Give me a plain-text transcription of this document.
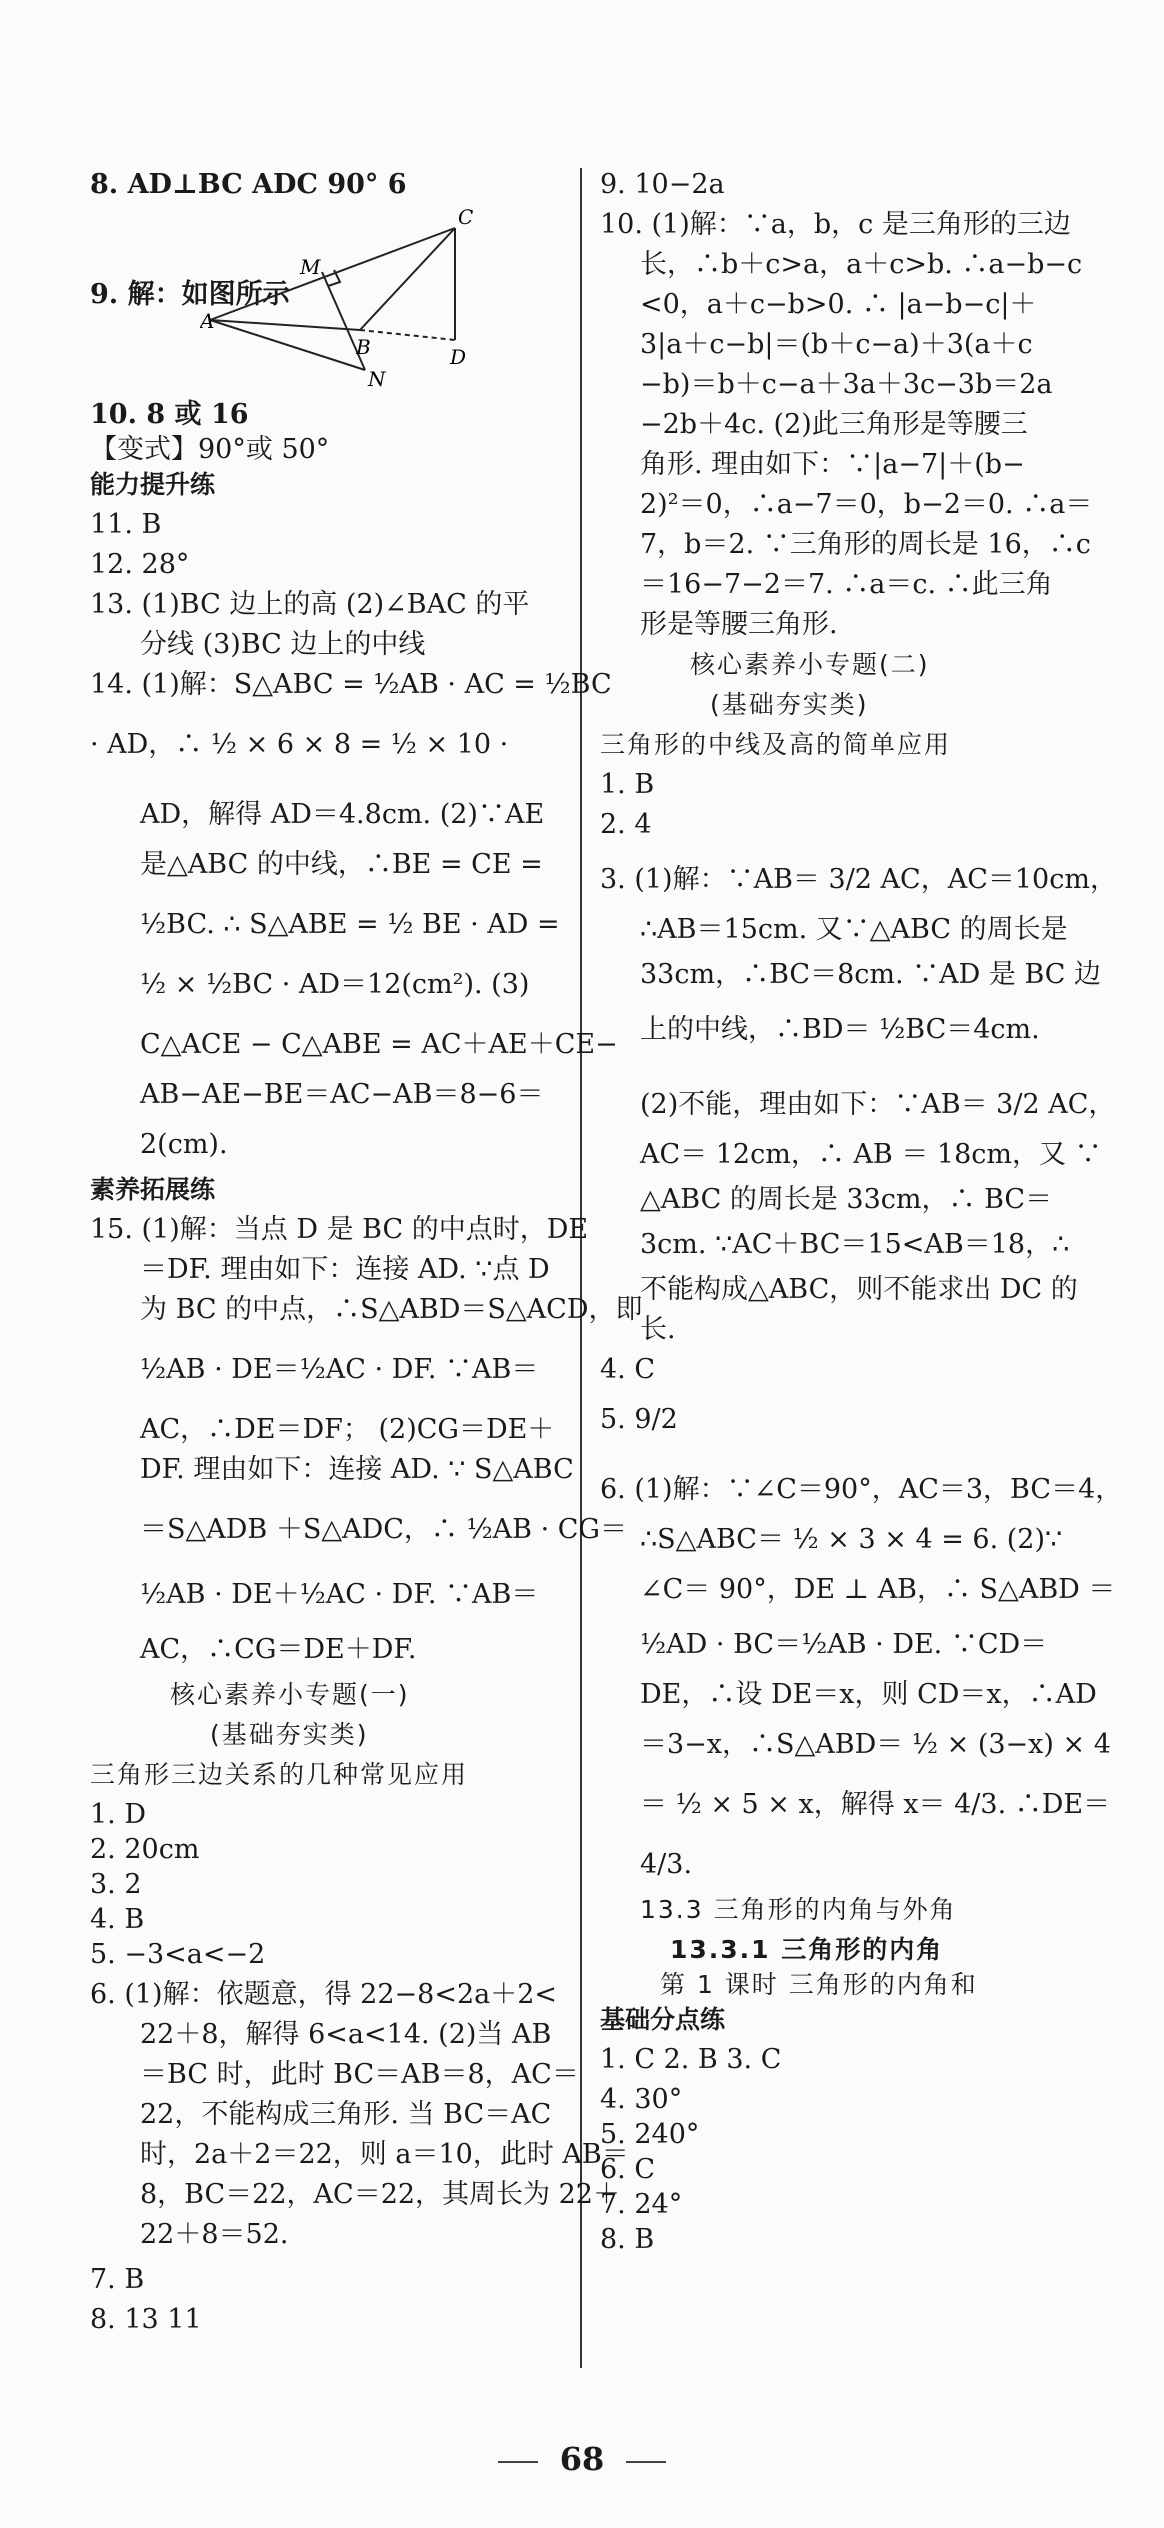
8. AD⊥BC ADC 90° 6
9. 解：如图所示
10. 8 或 16
【变式】90°或 50°
能力提升练
11. B
12. 28°
13. (1)BC 边上的高 (2)∠BAC 的平
分线 (3)BC 边上的中线
14. (1)解：S△ABC = ½AB · AC = ½BC
· AD，∴ ½ × 6 × 8 = ½ × 10 ·
AD，解得 AD＝4.8cm. (2)∵AE
是△ABC 的中线，∴BE = CE =
½BC. ∴ S△ABE = ½ BE · AD =
½ × ½BC · AD＝12(cm²). (3)
C△ACE − C△ABE = AC＋AE＋CE−
AB−AE−BE＝AC−AB＝8−6＝
2(cm).
素养拓展练
15. (1)解：当点 D 是 BC 的中点时，DE
＝DF. 理由如下：连接 AD. ∵点 D
为 BC 的中点，∴S△ABD＝S△ACD，即
½AB · DE＝½AC · DF. ∵AB＝
AC，∴DE＝DF； (2)CG＝DE＋
DF. 理由如下：连接 AD. ∵ S△ABC
＝S△ADB ＋S△ADC，∴ ½AB · CG＝
½AB · DE＋½AC · DF. ∵AB＝
AC，∴CG＝DE＋DF.
核心素养小专题(一)
(基础夯实类)
三角形三边关系的几种常见应用
1. D
2. 20cm
3. 2
4. B
5. −3<a<−2
6. (1)解：依题意，得 22−8<2a＋2<
22＋8，解得 6<a<14. (2)当 AB
＝BC 时，此时 BC＝AB＝8，AC＝
22，不能构成三角形. 当 BC＝AC
时，2a＋2＝22，则 a＝10，此时 AB＝
8，BC＝22，AC＝22，其周长为 22＋
22＋8＝52.
7. B
8. 13 11
9. 10−2a
10. (1)解：∵a，b，c 是三角形的三边
长，∴b＋c>a，a＋c>b. ∴a−b−c
<0，a＋c−b>0. ∴ |a−b−c|＋
3|a＋c−b|＝(b＋c−a)＋3(a＋c
−b)＝b＋c−a＋3a＋3c−3b＝2a
−2b＋4c. (2)此三角形是等腰三
角形. 理由如下：∵|a−7|＋(b−
2)²＝0，∴a−7＝0，b−2＝0. ∴a＝
7，b＝2. ∵三角形的周长是 16，∴c
＝16−7−2＝7. ∴a＝c. ∴此三角
形是等腰三角形.
核心素养小专题(二)
(基础夯实类)
三角形的中线及高的简单应用
1. B
2. 4
3. (1)解：∵AB＝ 3/2 AC，AC＝10cm，
∴AB＝15cm. 又∵△ABC 的周长是
33cm，∴BC＝8cm. ∵AD 是 BC 边
上的中线，∴BD＝ ½BC＝4cm.
(2)不能，理由如下：∵AB＝ 3/2 AC，
AC＝ 12cm，∴ AB ＝ 18cm，又 ∵
△ABC 的周长是 33cm，∴ BC＝
3cm. ∵AC＋BC＝15<AB＝18，∴
不能构成△ABC，则不能求出 DC 的
长.
4. C
5. 9/2
6. (1)解：∵∠C＝90°，AC＝3，BC＝4，
∴S△ABC＝ ½ × 3 × 4 = 6. (2)∵
∠C＝ 90°，DE ⊥ AB，∴ S△ABD ＝
½AD · BC＝½AB · DE. ∵CD＝
DE，∴设 DE＝x，则 CD＝x，∴AD
＝3−x，∴S△ABD＝ ½ × (3−x) × 4
＝ ½ × 5 × x，解得 x＝ 4/3. ∴DE＝
4/3.
13.3 三角形的内角与外角
13.3.1 三角形的内角
第 1 课时 三角形的内角和
基础分点练
1. C 2. B 3. C
4. 30°
5. 240°
6. C
7. 24°
8. B
A
B
C
D
M
N
68
